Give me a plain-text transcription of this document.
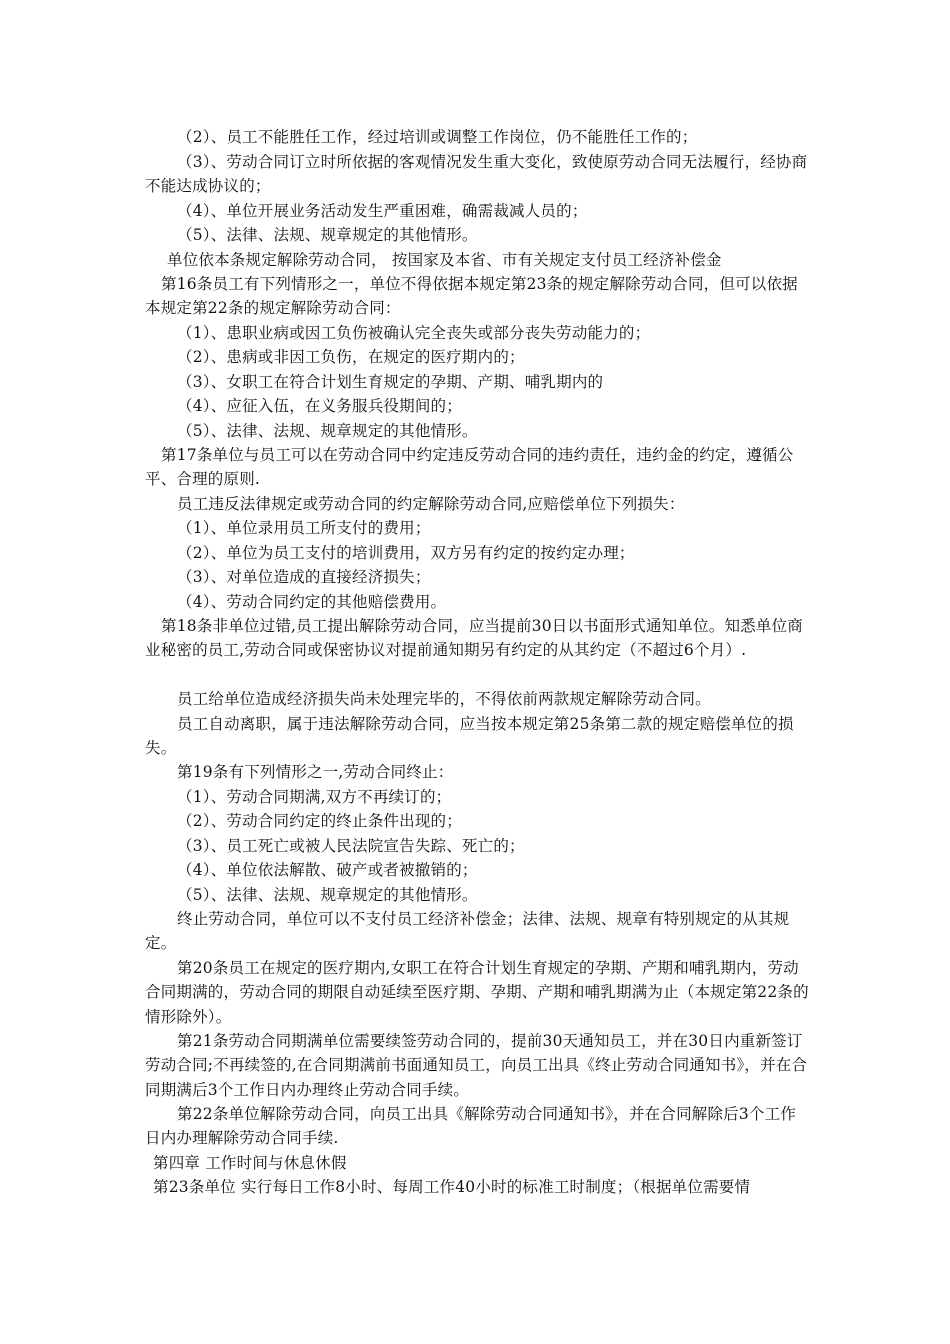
（2）、员工不能胜任工作，经过培训或调整工作岗位，仍不能胜任工作的；
（3）、劳动合同订立时所依据的客观情况发生重大变化，致使原劳动合同无法履行，经协商不能达成协议的；
（4）、单位开展业务活动发生严重困难，确需裁减人员的；
（5）、法律、法规、规章规定的其他情形。
单位依本条规定解除劳动合同， 按国家及本省、市有关规定支付员工经济补偿金
第16条员工有下列情形之一，单位不得依据本规定第23条的规定解除劳动合同，但可以依据本规定第22条的规定解除劳动合同：
（1）、患职业病或因工负伤被确认完全丧失或部分丧失劳动能力的；
（2）、患病或非因工负伤，在规定的医疗期内的；
（3）、女职工在符合计划生育规定的孕期、产期、哺乳期内的
（4）、应征入伍，在义务服兵役期间的；
（5）、法律、法规、规章规定的其他情形。
第17条单位与员工可以在劳动合同中约定违反劳动合同的违约责任，违约金的约定，遵循公平、合理的原则.
员工违反法律规定或劳动合同的约定解除劳动合同,应赔偿单位下列损失：
（1）、单位录用员工所支付的费用；
（2）、单位为员工支付的培训费用，双方另有约定的按约定办理；
（3）、对单位造成的直接经济损失；
（4）、劳动合同约定的其他赔偿费用。
第18条非单位过错,员工提出解除劳动合同，应当提前30日以书面形式通知单位。知悉单位商业秘密的员工,劳动合同或保密协议对提前通知期另有约定的从其约定（不超过6个月）.
员工给单位造成经济损失尚未处理完毕的，不得依前两款规定解除劳动合同。
员工自动离职，属于违法解除劳动合同，应当按本规定第25条第二款的规定赔偿单位的损失。
第19条有下列情形之一,劳动合同终止：
（1）、劳动合同期满,双方不再续订的；
（2）、劳动合同约定的终止条件出现的；
（3）、员工死亡或被人民法院宣告失踪、死亡的；
（4）、单位依法解散、破产或者被撤销的；
（5）、法律、法规、规章规定的其他情形。
终止劳动合同，单位可以不支付员工经济补偿金；法律、法规、规章有特别规定的从其规定。
第20条员工在规定的医疗期内,女职工在符合计划生育规定的孕期、产期和哺乳期内，劳动合同期满的，劳动合同的期限自动延续至医疗期、孕期、产期和哺乳期满为止（本规定第22条的情形除外）。
第21条劳动合同期满单位需要续签劳动合同的，提前30天通知员工，并在30日内重新签订劳动合同;不再续签的,在合同期满前书面通知员工，向员工出具《终止劳动合同通知书》，并在合同期满后3个工作日内办理终止劳动合同手续。
第22条单位解除劳动合同，向员工出具《解除劳动合同通知书》，并在合同解除后3个工作日内办理解除劳动合同手续.
第四章 工作时间与休息休假
第23条单位 实行每日工作8小时、每周工作40小时的标准工时制度；（根据单位需要情
